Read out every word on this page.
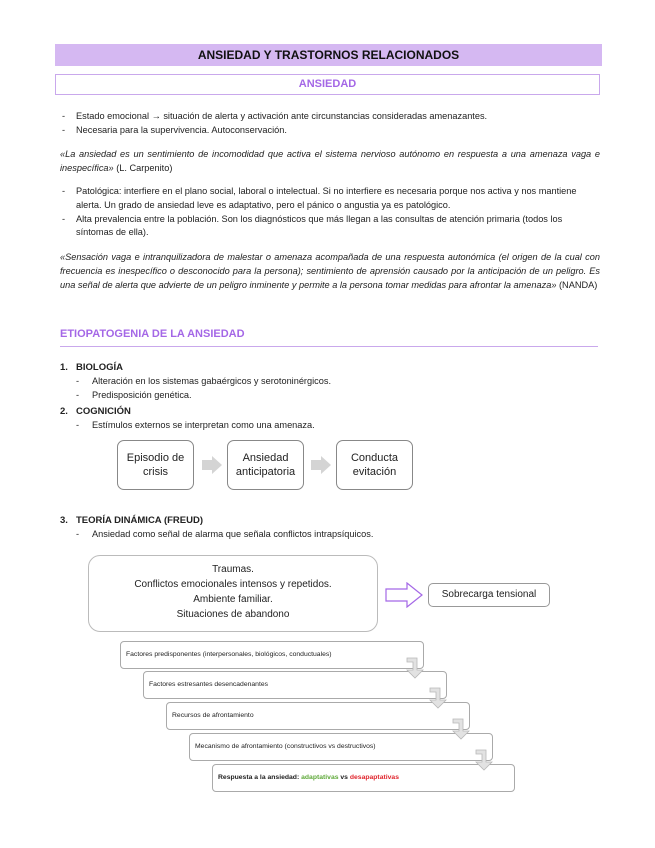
ANSIEDAD Y TRASTORNOS RELACIONADOS
ANSIEDAD
- Estado emocional → situación de alerta y activación ante circunstancias consideradas amenazantes.
- Necesaria para la supervivencia. Autoconservación.

«La ansiedad es un sentimiento de incomodidad que activa el sistema nervioso autónomo en respuesta a una amenaza vaga e inespecífica» (L. Carpenito)

- Patológica: interfiere en el plano social, laboral o intelectual. Si no interfiere es necesaria porque nos activa y nos mantiene alerta. Un grado de ansiedad leve es adaptativo, pero el pánico o angustia ya es patológico.
- Alta prevalencia entre la población. Son los diagnósticos que más llegan a las consultas de atención primaria (todos los síntomas de ella).

«Sensación vaga e intranquilizadora de malestar o amenaza acompañada de una respuesta autonómica (el origen de la cual con frecuencia es inespecífico o desconocido para la persona); sentimiento de aprensión causado por la anticipación de un peligro. Es una señal de alerta que advierte de un peligro inminente y permite a la persona tomar medidas para afrontar la amenaza» (NANDA)

ETIOPATOGENIA DE LA ANSIEDAD
1. BIOLOGÍA
- Alteración en los sistemas gabaérgicos y serotoninérgicos.
- Predisposición genética.
2. COGNICIÓN
- Estímulos externos se interpretan como una amenaza.
Episodio de crisis
Ansiedad anticipatoria
Conducta evitación
3. TEORÍA DINÁMICA (FREUD)
- Ansiedad como señal de alarma que señala conflictos intrapsíquicos.
Traumas.
Conflictos emocionales intensos y repetidos.
Ambiente familiar.
Situaciones de abandono
Sobrecarga tensional
Factores predisponentes (interpersonales, biológicos, conductuales)
Factores estresantes desencadenantes
Recursos de afrontamiento
Mecanismo de afrontamiento (constructivos vs destructivos)
Respuesta a la ansiedad: adaptativas vs desapaptativas
